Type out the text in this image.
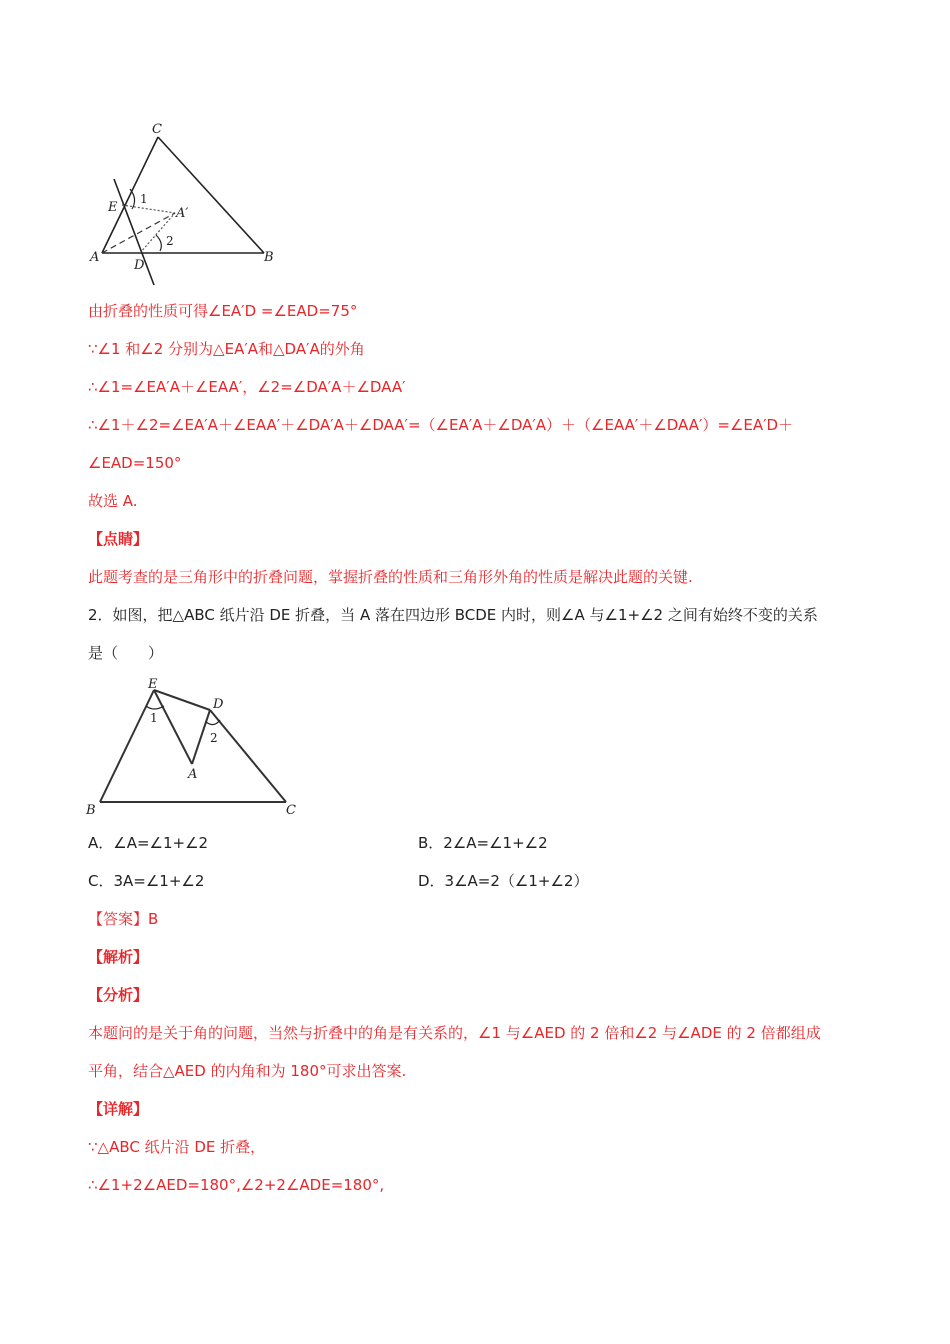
C
E	A′
A
D
B
1
2
由折叠的性质可得∠EA′D =∠EAD=75°
∵∠1 和∠2 分别为△EA′A和△DA′A的外角
∴∠1=∠EA′A＋∠EAA′，∠2=∠DA′A＋∠DAA′
∴∠1＋∠2=∠EA′A＋∠EAA′＋∠DA′A＋∠DAA′=（∠EA′A＋∠DA′A）＋（∠EAA′＋∠DAA′）=∠EA′D＋
∠EAD=150°
故选 A.
【点睛】
此题考查的是三角形中的折叠问题，掌握折叠的性质和三角形外角的性质是解决此题的关键.
2．如图，把△ABC 纸片沿 DE 折叠，当 A 落在四边形 BCDE 内时，则∠A 与∠1+∠2 之间有始终不变的关系
是（　　）
E
D
1
2
A
B	C
A．∠A=∠1+∠2	B．2∠A=∠1+∠2
C．3A=∠1+∠2	D．3∠A=2（∠1+∠2）
【答案】B
【解析】
【分析】
本题问的是关于角的问题，当然与折叠中的角是有关系的，∠1 与∠AED 的 2 倍和∠2 与∠ADE 的 2 倍都组成
平角，结合△AED 的内角和为 180°可求出答案.
【详解】
∵△ABC 纸片沿 DE 折叠，
∴∠1+2∠AED=180°,∠2+2∠ADE=180°,
